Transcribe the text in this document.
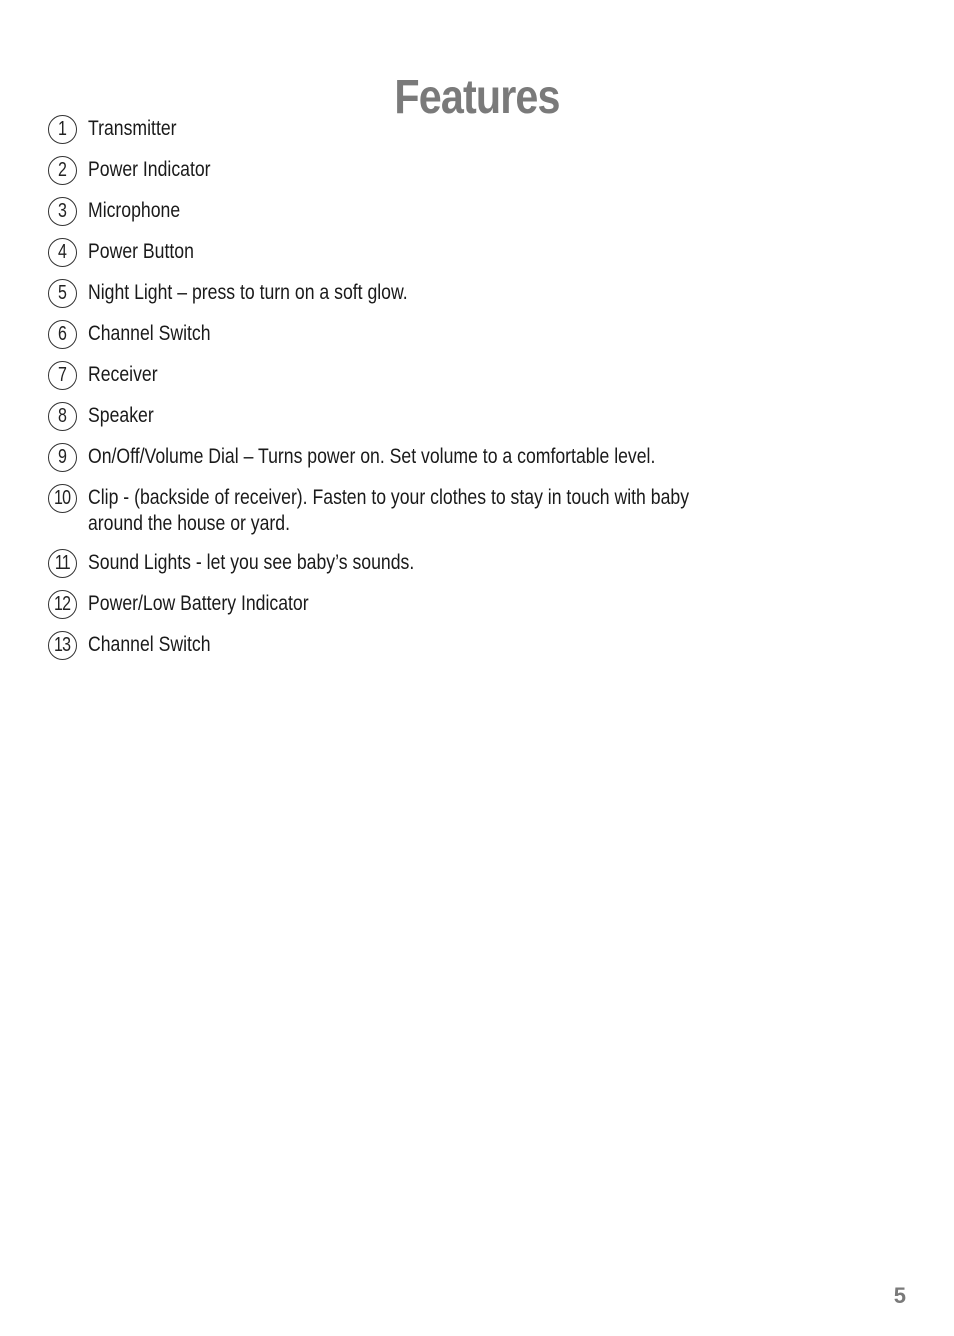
Features
1 Transmitter
2 Power Indicator
3 Microphone
4 Power Button
5 Night Light – press to turn on a soft glow.
6 Channel Switch
7 Receiver
8 Speaker
9 On/Off/Volume Dial – Turns power on. Set volume to a comfortable level.
10 Clip - (backside of receiver). Fasten to your clothes to stay in touch with baby around the house or yard.
11 Sound Lights - let you see baby’s sounds.
12 Power/Low Battery Indicator
13 Channel Switch
5
